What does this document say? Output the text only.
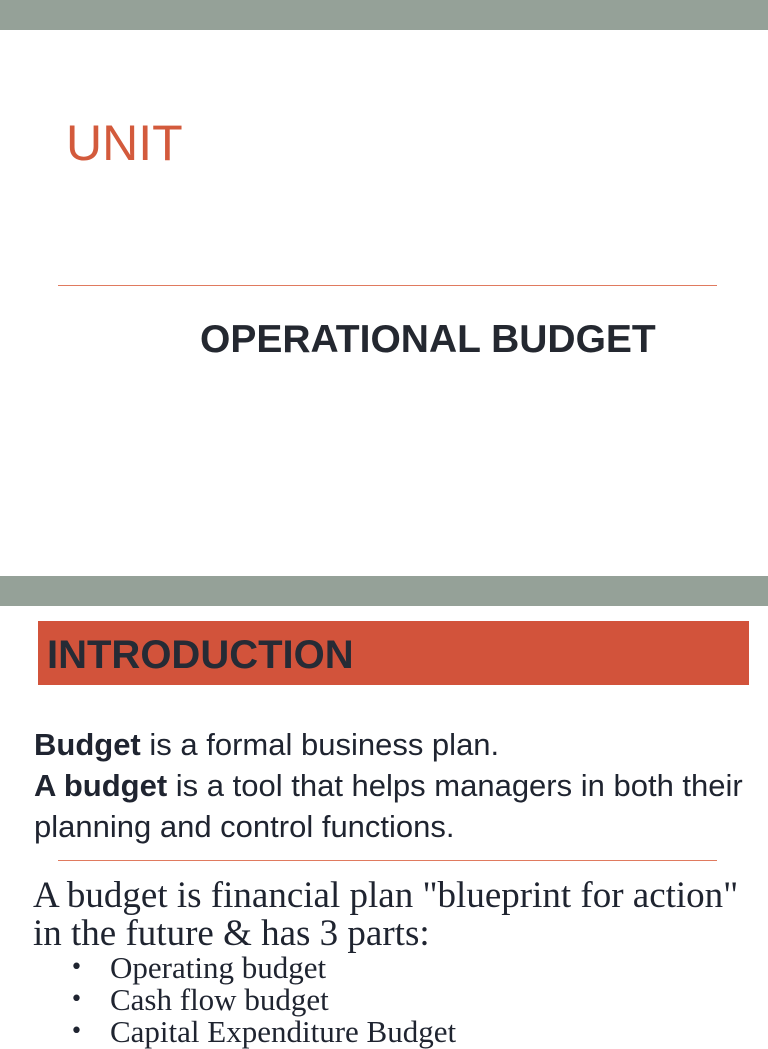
UNIT
OPERATIONAL BUDGET
INTRODUCTION

Budget is a formal business plan.

A budget is a tool that helps managers in both their planning and control functions.

A budget is financial plan "blueprint for action" in the future & has 3 parts:

• Operating budget
• Cash flow budget
• Capital Expenditure Budget
